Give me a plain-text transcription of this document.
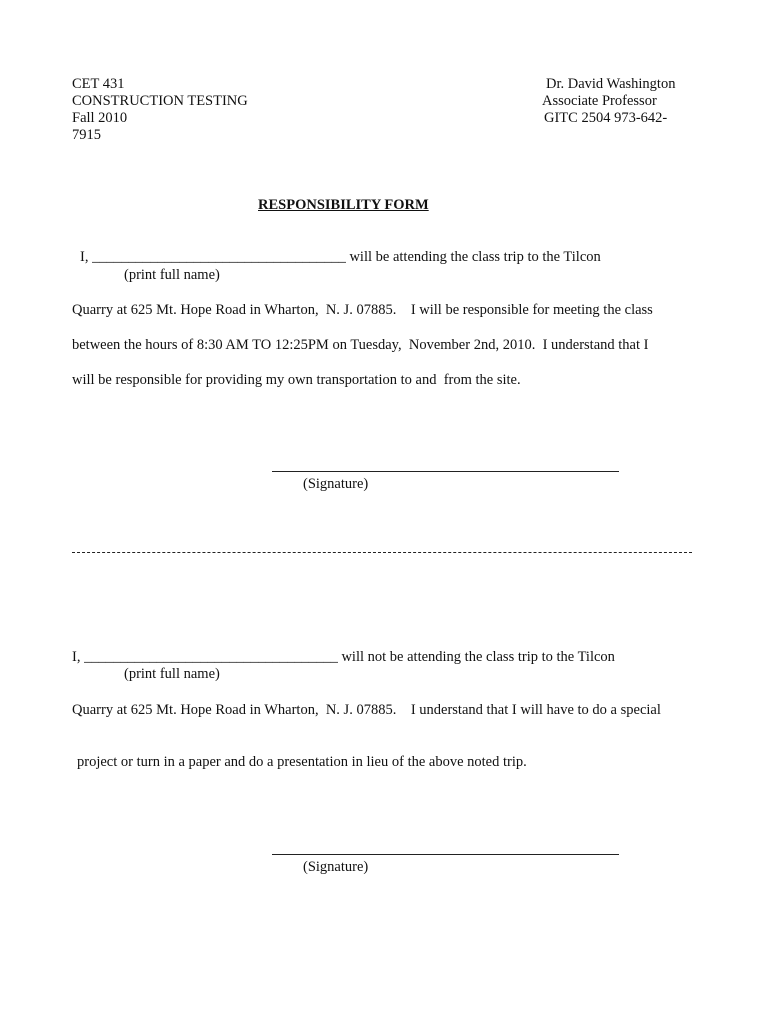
CET 431
CONSTRUCTION TESTING
Fall 2010
7915
Dr. David Washington
Associate Professor
GITC 2504 973-642-
RESPONSIBILITY FORM
I, ___________________________________ will be attending the class trip to the Tilcon
(print full name)
Quarry at 625 Mt. Hope Road in Wharton,  N. J. 07885.    I will be responsible for meeting the class
between the hours of 8:30 AM TO 12:25PM on Tuesday,  November 2nd, 2010.  I understand that I
will be responsible for providing my own transportation to and  from the site.
(Signature)
I, ___________________________________ will not be attending the class trip to the Tilcon
(print full name)
Quarry at 625 Mt. Hope Road in Wharton,  N. J. 07885.    I understand that I will have to do a special
project or turn in a paper and do a presentation in lieu of the above noted trip.
(Signature)
